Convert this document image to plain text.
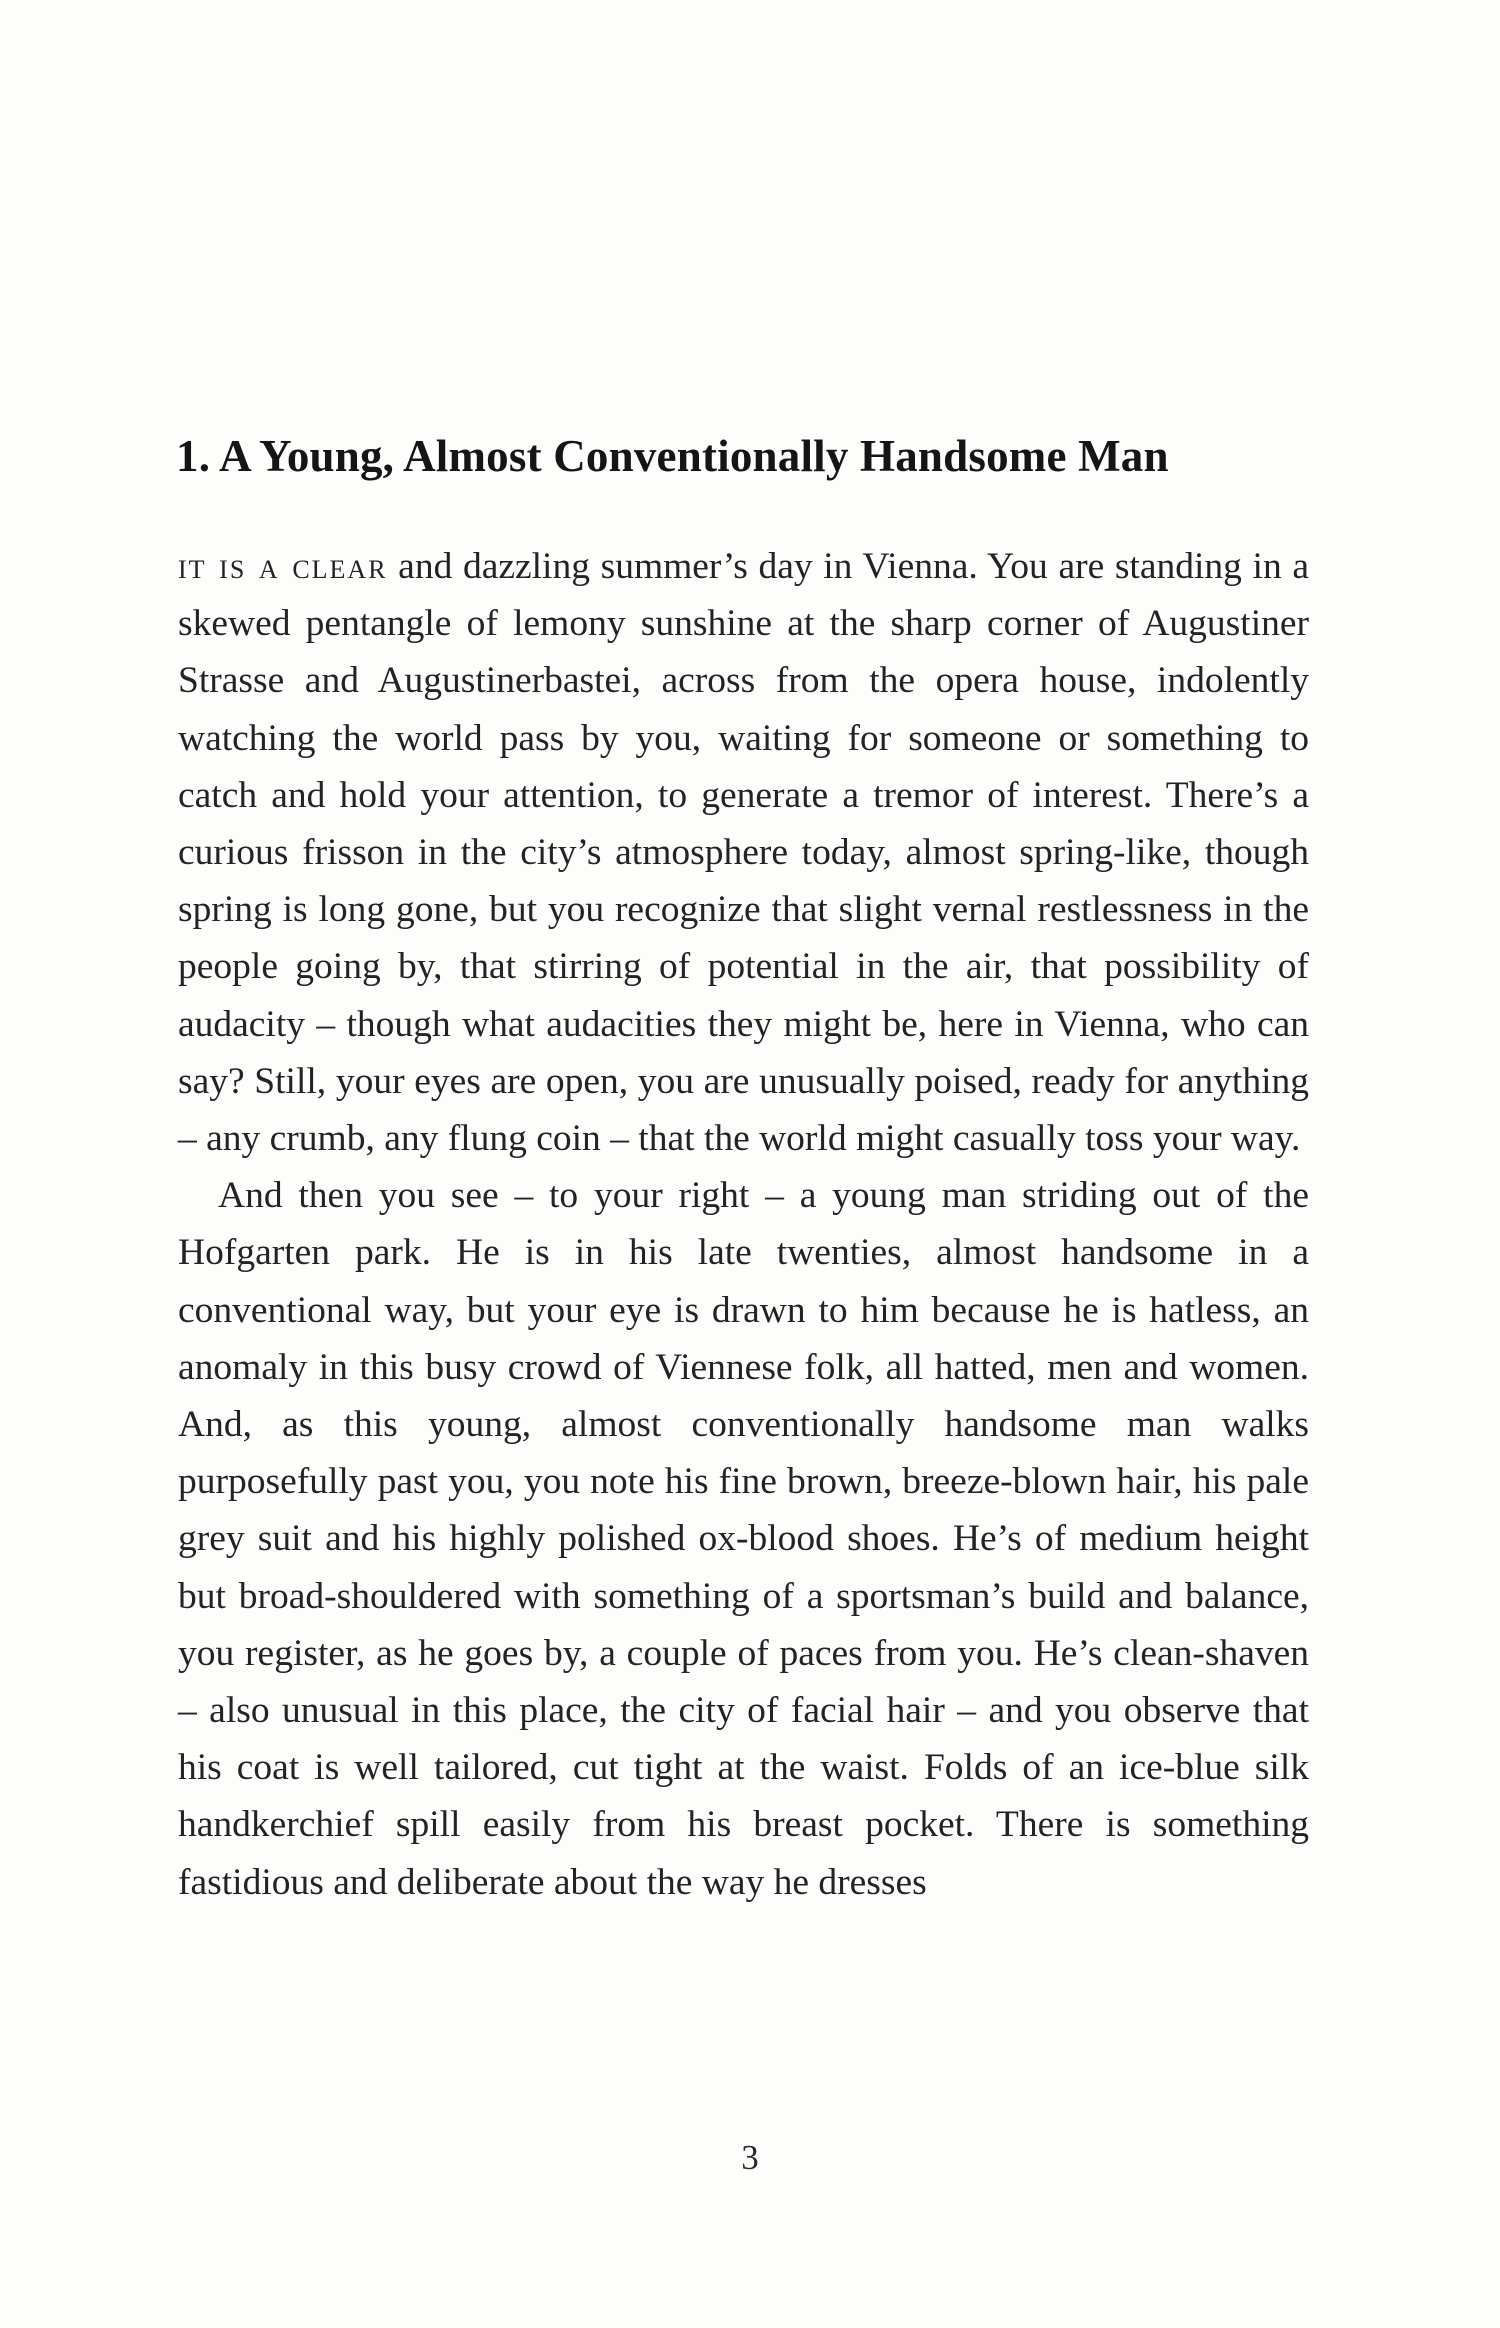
1. A Young, Almost Conventionally Handsome Man

it is a clear and dazzling summer’s day in Vienna. You are standing in a skewed pentangle of lemony sunshine at the sharp corner of Augustiner Strasse and Augustinerbastei, across from the opera house, indolently watching the world pass by you, waiting for someone or something to catch and hold your attention, to generate a tremor of interest. There’s a curious frisson in the city’s atmosphere today, almost spring-like, though spring is long gone, but you recognize that slight vernal restlessness in the people going by, that stirring of potential in the air, that possibility of audacity – though what audacities they might be, here in Vienna, who can say? Still, your eyes are open, you are unusually poised, ready for anything – any crumb, any flung coin – that the world might casually toss your way.

And then you see – to your right – a young man striding out of the Hofgarten park. He is in his late twenties, almost handsome in a conventional way, but your eye is drawn to him because he is hatless, an anomaly in this busy crowd of Viennese folk, all hatted, men and women. And, as this young, almost conventionally handsome man walks purposefully past you, you note his fine brown, breeze-blown hair, his pale grey suit and his highly polished ox-blood shoes. He’s of medium height but broad-shouldered with something of a sportsman’s build and balance, you register, as he goes by, a couple of paces from you. He’s clean-shaven – also unusual in this place, the city of facial hair – and you observe that his coat is well tailored, cut tight at the waist. Folds of an ice-blue silk handkerchief spill easily from his breast pocket. There is something fastidious and deliberate about the way he dresses

3
